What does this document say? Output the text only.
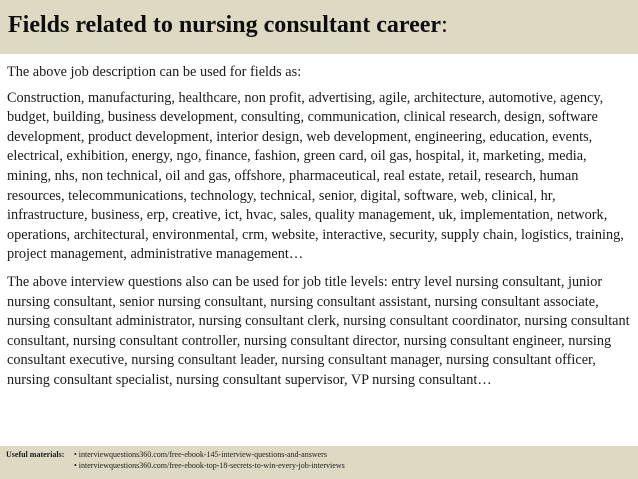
Fields related to nursing consultant career:

The above job description can be used for fields as:

Construction, manufacturing, healthcare, non profit, advertising, agile, architecture, automotive, agency, budget, building, business development, consulting, communication, clinical research, design, software development, product development, interior design, web development, engineering, education, events, electrical, exhibition, energy, ngo, finance, fashion, green card, oil gas, hospital, it, marketing, media, mining, nhs, non technical, oil and gas, offshore, pharmaceutical, real estate, retail, research, human resources, telecommunications, technology, technical, senior, digital, software, web, clinical, hr, infrastructure, business, erp, creative, ict, hvac, sales, quality management, uk, implementation, network, operations, architectural, environmental, crm, website, interactive, security, supply chain, logistics, training, project management, administrative management…

The above interview questions also can be used for job title levels: entry level nursing consultant, junior nursing consultant, senior nursing consultant, nursing consultant assistant, nursing consultant associate, nursing consultant administrator, nursing consultant clerk, nursing consultant coordinator, nursing consultant consultant, nursing consultant controller, nursing consultant director, nursing consultant engineer, nursing consultant executive, nursing consultant leader, nursing consultant manager, nursing consultant officer, nursing consultant specialist, nursing consultant supervisor, VP nursing consultant…

Useful materials:	• interviewquestions360.com/free-ebook-145-interview-questions-and-answers
• interviewquestions360.com/free-ebook-top-18-secrets-to-win-every-job-interviews
